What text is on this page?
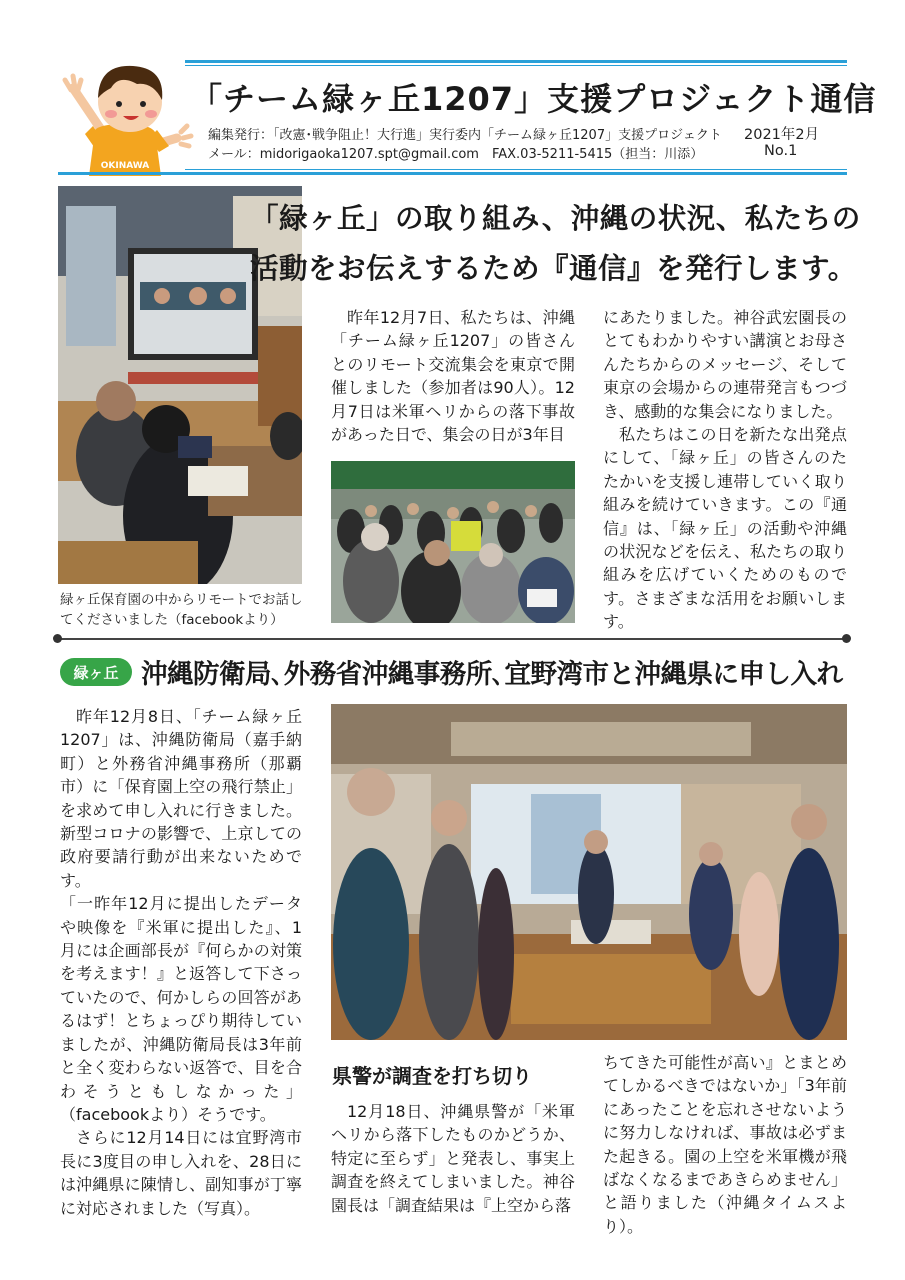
OKINAWA
「チーム緑ヶ丘1207」支援プロジェクト通信
編集発行：「改憲･戦争阻止！大行進」実行委内「チーム緑ヶ丘1207」支援プロジェクト
メール：midorigaoka1207.spt@gmail.com　FAX.03-5211-5415（担当：川添）
2021年2月
No.1
緑ヶ丘保育園の中からリモートでお話してくださいました（facebookより）
「緑ヶ丘」の取り組み、沖縄の状況、私たちの
活動をお伝えするため『通信』を発行します。

昨年12月7日、私たちは、沖縄「チーム緑ヶ丘1207」の皆さんとのリモート交流集会を東京で開催しました（参加者は90人）。12月7日は米軍ヘリからの落下事故があった日で、集会の日が3年目

にあたりました。神谷武宏園長のとてもわかりやすい講演とお母さんたちからのメッセージ、そして東京の会場からの連帯発言もつづき、感動的な集会になりました。

私たちはこの日を新たな出発点にして、「緑ヶ丘」の皆さんのたたかいを支援し連帯していく取り組みを続けていきます。この『通信』は、「緑ヶ丘」の活動や沖縄の状況などを伝え、私たちの取り組みを広げていくためのものです。さまざまな活用をお願いします。

緑ヶ丘 沖縄防衛局､外務省沖縄事務所､宜野湾市と沖縄県に申し入れ

昨年12月8日、「チーム緑ヶ丘1207」は、沖縄防衛局（嘉手納町）と外務省沖縄事務所（那覇市）に「保育園上空の飛行禁止」を求めて申し入れに行きました。新型コロナの影響で、上京しての政府要請行動が出来ないためです。

「一昨年12月に提出したデータや映像を『米軍に提出した』、1月には企画部長が『何らかの対策を考えます！』と返答して下さっていたので、何かしらの回答があるはず！とちょっぴり期待していましたが、沖縄防衛局長は3年前と全く変わらない返答で、目を合わそうともしなかった」（facebookより）そうです。

さらに12月14日には宜野湾市長に3度目の申し入れを、28日には沖縄県に陳情し、副知事が丁寧に対応されました（写真）。

県警が調査を打ち切り

12月18日、沖縄県警が「米軍ヘリから落下したものかどうか、特定に至らず」と発表し、事実上調査を終えてしまいました。神谷園長は「調査結果は『上空から落

ちてきた可能性が高い』とまとめてしかるべきではないか」「3年前にあったことを忘れさせないように努力しなければ、事故は必ずまた起きる。園の上空を米軍機が飛ばなくなるまであきらめません」と語りました（沖縄タイムスより）。
